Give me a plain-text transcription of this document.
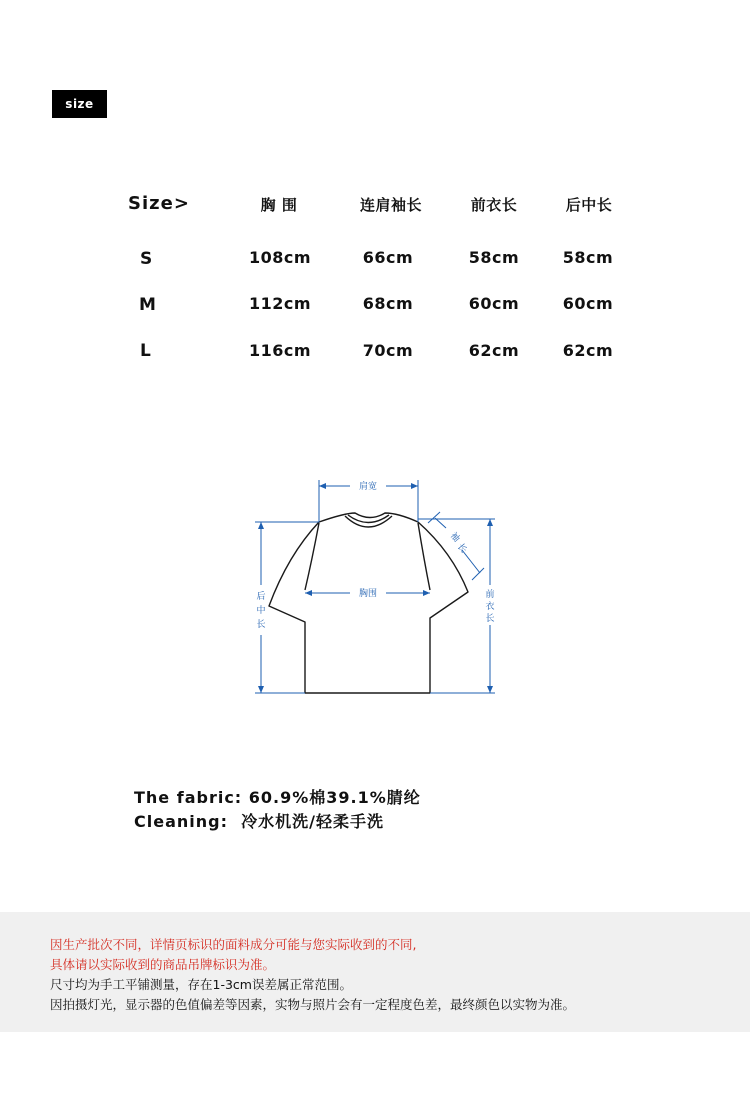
size
Size>	胸 围	连肩袖长	前衣长	后中长
S	108cm	66cm	58cm	58cm
M	112cm	68cm	60cm	60cm
L	116cm	70cm	62cm	62cm
肩宽
胸围
袖
长
后
中
长
前
衣
长
The fabric: 60.9%棉39.1%腈纶
Cleaning:  冷水机洗/轻柔手洗
因生产批次不同，详情页标识的面料成分可能与您实际收到的不同,
具体请以实际收到的商品吊牌标识为准。
尺寸均为手工平铺测量，存在1-3cm误差属正常范围。
因拍摄灯光，显示器的色值偏差等因素，实物与照片会有一定程度色差，最终颜色以实物为准。
